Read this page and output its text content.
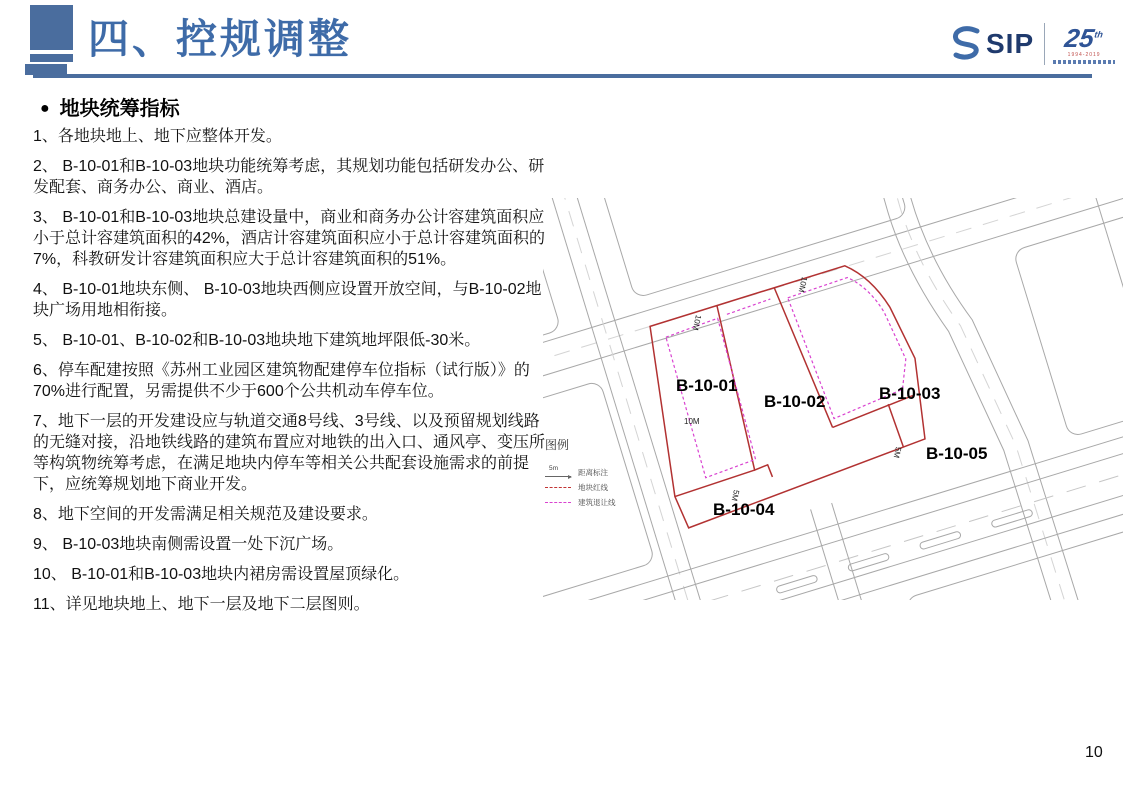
四、控规调整	SIP 25th
1994-2019
● 地块统筹指标

1、各地块地上、地下应整体开发。

2、 B-10-01和B-10-03地块功能统筹考虑，其规划功能包括研发办公、研发配套、商务办公、商业、酒店。

3、 B-10-01和B-10-03地块总建设量中，商业和商务办公计容建筑面积应小于总计容建筑面积的42%，酒店计容建筑面积应小于总计容建筑面积的7%，科教研发计容建筑面积应大于总计容建筑面积的51%。

4、 B-10-01地块东侧、 B-10-03地块西侧应设置开放空间，与B-10-02地块广场用地相衔接。

5、 B-10-01、B-10-02和B-10-03地块地下建筑地坪限低-30米。

6、停车配建按照《苏州工业园区建筑物配建停车位指标（试行版）》的70%进行配置，另需提供不少于600个公共机动车停车位。

7、地下一层的开发建设应与轨道交通8号线、3号线、以及预留规划线路的无缝对接，沿地铁线路的建筑布置应对地铁的出入口、通风亭、变压所等构筑物统筹考虑，在满足地块内停车等相关公共配套设施需求的前提下，应统筹规划地下商业开发。

8、地下空间的开发需满足相关规范及建设要求。

9、 B-10-03地块南侧需设置一处下沉广场。

10、 B-10-01和B-10-03地块内裙房需设置屋顶绿化。

11、详见地块地上、地下一层及地下二层图则。

B-10-01
B-10-02	B-10-03
B-10-04
B-10-05
10M
10M
10M
5M
5M
图例
5m	距离标注
地块红线
建筑退让线
10
